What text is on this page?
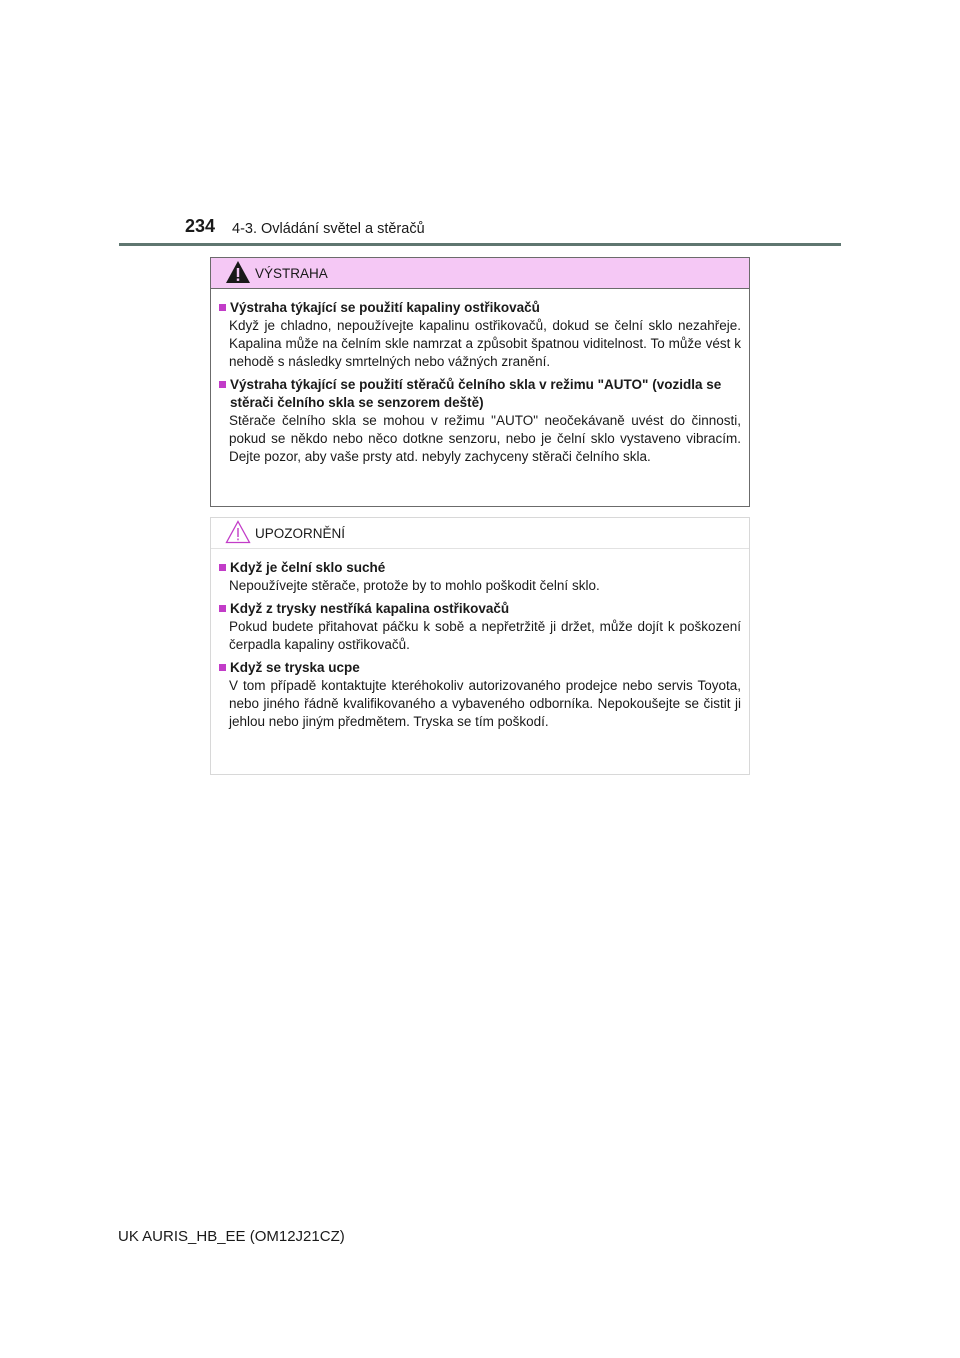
234 4-3. Ovládání světel a stěračů
VÝSTRAHA
Výstraha týkající se použití kapaliny ostřikovačů
Když je chladno, nepoužívejte kapalinu ostřikovačů, dokud se čelní sklo nezahřeje. Kapalina může na čelním skle namrzat a způsobit špatnou viditelnost. To může vést k nehodě s následky smrtelných nebo vážných zranění.
Výstraha týkající se použití stěračů čelního skla v režimu "AUTO" (vozidla se stěrači čelního skla se senzorem deště)
Stěrače čelního skla se mohou v režimu "AUTO" neočekávaně uvést do činnosti, pokud se někdo nebo něco dotkne senzoru, nebo je čelní sklo vystaveno vibracím. Dejte pozor, aby vaše prsty atd. nebyly zachyceny stěrači čelního skla.
UPOZORNĚNÍ
Když je čelní sklo suché
Nepoužívejte stěrače, protože by to mohlo poškodit čelní sklo.
Když z trysky nestříká kapalina ostřikovačů
Pokud budete přitahovat páčku k sobě a nepřetržitě ji držet, může dojít k poškození čerpadla kapaliny ostřikovačů.
Když se tryska ucpe
V tom případě kontaktujte kteréhokoliv autorizovaného prodejce nebo servis Toyota, nebo jiného řádně kvalifikovaného a vybaveného odborníka. Nepokoušejte se čistit ji jehlou nebo jiným předmětem. Tryska se tím poškodí.
UK AURIS_HB_EE (OM12J21CZ)
